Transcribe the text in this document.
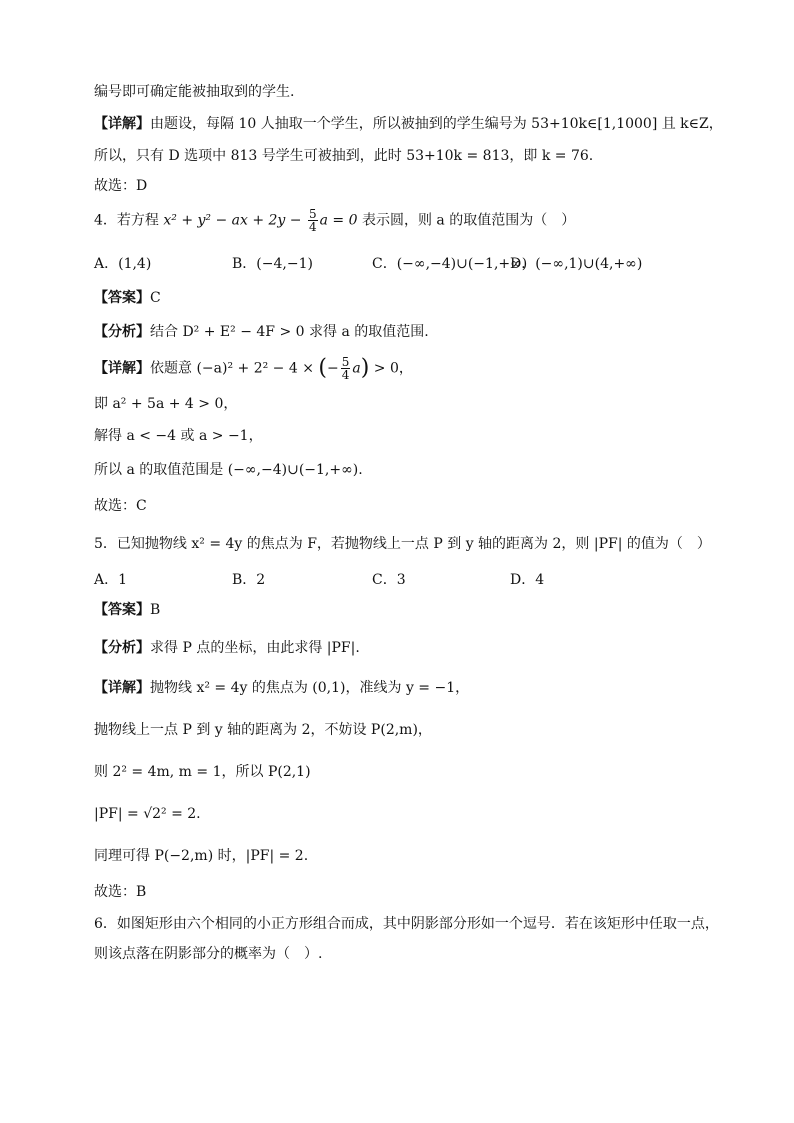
编号即可确定能被抽取到的学生.
【详解】由题设，每隔 10 人抽取一个学生，所以被抽到的学生编号为 53+10k∈[1,1000] 且 k∈Z，
所以，只有 D 选项中 813 号学生可被抽到，此时 53+10k = 813，即 k = 76.
故选：D
4．若方程 x² + y² − ax + $2y - \frac{5}{4}$ a = 0 表示圆，则 a 的取值范围为（　）
A．(1,4)	B．(−4,−1)	C．(−∞,−4)∪(−1,+∞)
D．(−∞,1)∪(4,+∞)
【答案】C
【分析】结合 D² + E² − 4F > 0 求得 a 的取值范围.
【详解】依题意 (−a)² + 2² − 4 × (− $\frac{5}{4} a) > 0$，
即 a² + 5a + 4 > 0，
解得 a < −4 或 a > −1，
所以 a 的取值范围是 (−∞,−4)∪(−1,+∞).
故选：C
5．已知抛物线 x² = 4y 的焦点为 F，若抛物线上一点 P 到 y 轴的距离为 2，则 |PF| 的值为（　）
A．1	B．2	C．3	D．4
【答案】B
【分析】求得 P 点的坐标，由此求得 |PF|.
【详解】抛物线 x² = 4y 的焦点为 (0,1)，准线为 y = −1，
抛物线上一点 P 到 y 轴的距离为 2，不妨设 P(2,m)，
则 2² = 4m, m = 1，所以 P(2,1)
|PF| = √2² = 2.
同理可得 P(−2,m) 时，|PF| = 2.
故选：B
6．如图矩形由六个相同的小正方形组合而成，其中阴影部分形如一个逗号．若在该矩形中任取一点，
则该点落在阴影部分的概率为（　）.
